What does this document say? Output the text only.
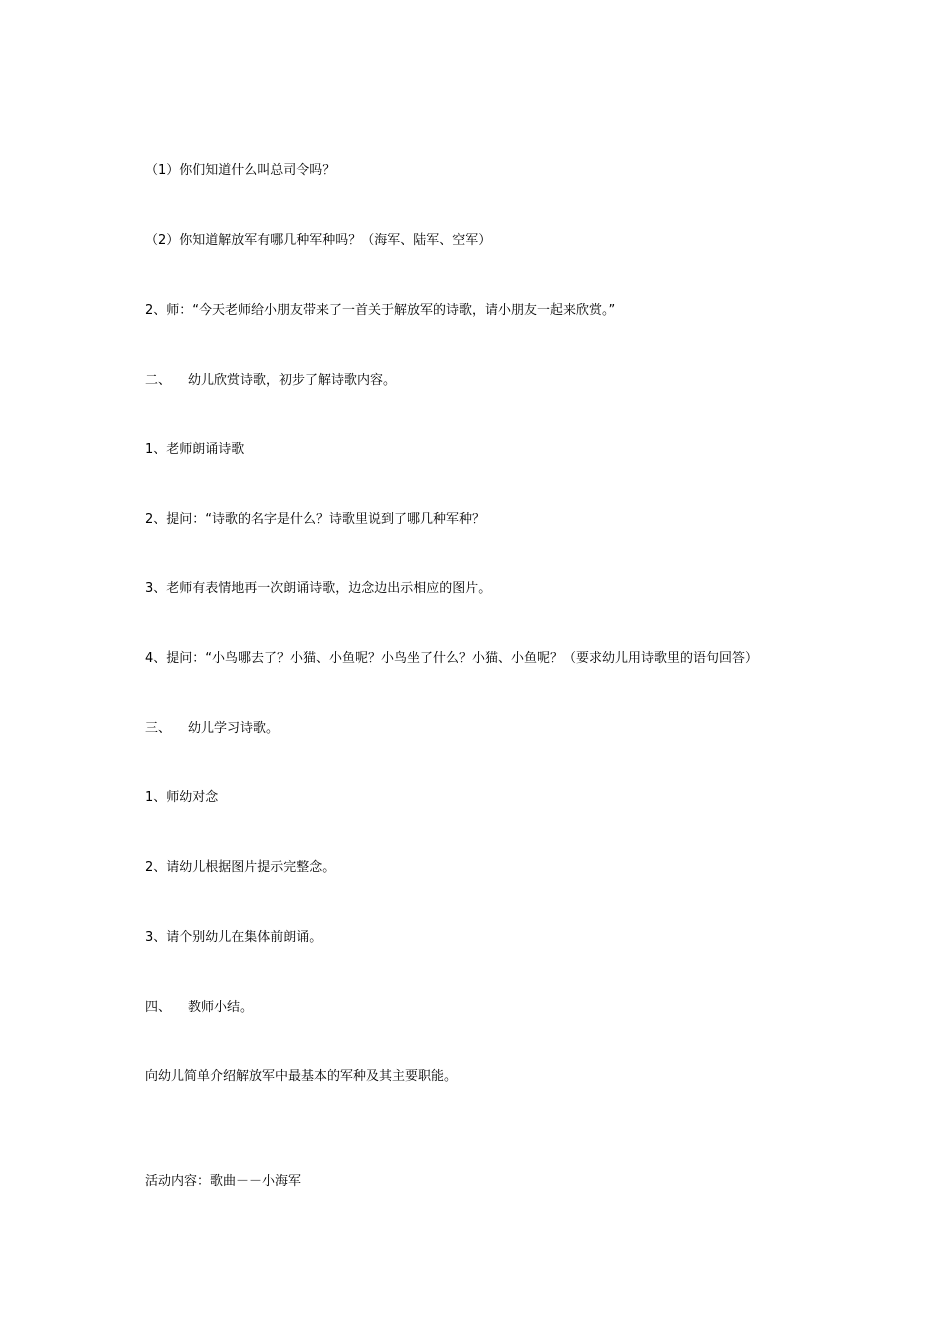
（1）你们知道什么叫总司令吗？
（2）你知道解放军有哪几种军种吗？（海军、陆军、空军）
2、师：“今天老师给小朋友带来了一首关于解放军的诗歌，请小朋友一起来欣赏。”
二、	幼儿欣赏诗歌，初步了解诗歌内容。
1、老师朗诵诗歌
2、提问：“诗歌的名字是什么？诗歌里说到了哪几种军种？
3、老师有表情地再一次朗诵诗歌，边念边出示相应的图片。
4、提问：“小鸟哪去了？小猫、小鱼呢？小鸟坐了什么？小猫、小鱼呢？（要求幼儿用诗歌里的语句回答）
三、	幼儿学习诗歌。
1、师幼对念
2、请幼儿根据图片提示完整念。
3、请个别幼儿在集体前朗诵。
四、	教师小结。
向幼儿简单介绍解放军中最基本的军种及其主要职能。
活动内容：歌曲－－小海军
